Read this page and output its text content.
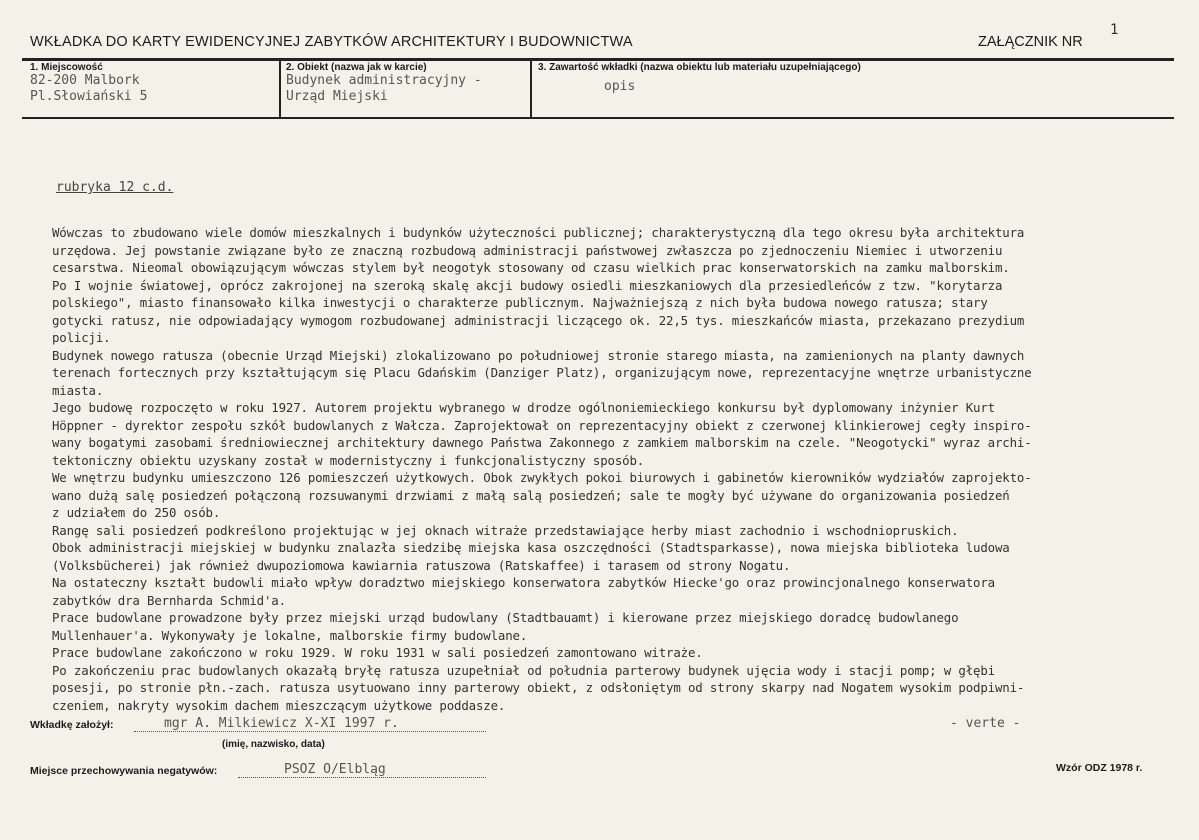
WKŁADKA DO KARTY EWIDENCYJNEJ ZABYTKÓW ARCHITEKTURY I BUDOWNICTWA	ZAŁĄCZNIK NR
1
1. Miejscowość
82-200 Malbork
Pl.Słowiański 5
2. Obiekt (nazwa jak w karcie)
Budynek administracyjny -
Urząd Miejski
3. Zawartość wkładki (nazwa obiektu lub materiału uzupełniającego)
opis
rubryka 12 c.d.

Wówczas to zbudowano wiele domów mieszkalnych i budynków użyteczności publicznej; charakterystyczną dla tego okresu była architektura

urzędowa. Jej powstanie związane było ze znaczną rozbudową administracji państwowej zwłaszcza po zjednoczeniu Niemiec i utworzeniu

cesarstwa. Nieomal obowiązującym wówczas stylem był neogotyk stosowany od czasu wielkich prac konserwatorskich na zamku malborskim.

Po I wojnie światowej, oprócz zakrojonej na szeroką skalę akcji budowy osiedli mieszkaniowych dla przesiedleńców z tzw. "korytarza

polskiego", miasto finansowało kilka inwestycji o charakterze publicznym. Najważniejszą z nich była budowa nowego ratusza; stary

gotycki ratusz, nie odpowiadający wymogom rozbudowanej administracji liczącego ok. 22,5 tys. mieszkańców miasta, przekazano prezydium

policji.

Budynek nowego ratusza (obecnie Urząd Miejski) zlokalizowano po południowej stronie starego miasta, na zamienionych na planty dawnych

terenach fortecznych przy kształtującym się Placu Gdańskim (Danziger Platz), organizującym nowe, reprezentacyjne wnętrze urbanistyczne

miasta.

Jego budowę rozpoczęto w roku 1927. Autorem projektu wybranego w drodze ogólnoniemieckiego konkursu był dyplomowany inżynier Kurt

Höppner - dyrektor zespołu szkół budowlanych z Wałcza. Zaprojektował on reprezentacyjny obiekt z czerwonej klinkierowej cegły inspiro-

wany bogatymi zasobami średniowiecznej architektury dawnego Państwa Zakonnego z zamkiem malborskim na czele. "Neogotycki" wyraz archi-

tektoniczny obiektu uzyskany został w modernistyczny i funkcjonalistyczny sposób.

We wnętrzu budynku umieszczono 126 pomieszczeń użytkowych. Obok zwykłych pokoi biurowych i gabinetów kierowników wydziałów zaprojekto-

wano dużą salę posiedzeń połączoną rozsuwanymi drzwiami z małą salą posiedzeń; sale te mogły być używane do organizowania posiedzeń

z udziałem do 250 osób.

Rangę sali posiedzeń podkreślono projektując w jej oknach witraże przedstawiające herby miast zachodnio i wschodniopruskich.

Obok administracji miejskiej w budynku znalazła siedzibę miejska kasa oszczędności (Stadtsparkasse), nowa miejska biblioteka ludowa

(Volksbücherei) jak również dwupoziomowa kawiarnia ratuszowa (Ratskaffee) i tarasem od strony Nogatu.

Na ostateczny kształt budowli miało wpływ doradztwo miejskiego konserwatora zabytków Hiecke'go oraz prowincjonalnego konserwatora

zabytków dra Bernharda Schmid'a.

Prace budowlane prowadzone były przez miejski urząd budowlany (Stadtbauamt) i kierowane przez miejskiego doradcę budowlanego

Mullenhauer'a. Wykonywały je lokalne, malborskie firmy budowlane.

Prace budowlane zakończono w roku 1929. W roku 1931 w sali posiedzeń zamontowano witraże.

Po zakończeniu prac budowlanych okazałą bryłę ratusza uzupełniał od południa parterowy budynek ujęcia wody i stacji pomp; w głębi

posesji, po stronie płn.-zach. ratusza usytuowano inny parterowy obiekt, z odsłoniętym od strony skarpy nad Nogatem wysokim podpiwni-

czeniem, nakryty wysokim dachem mieszczącym użytkowe poddasze.

Wkładkę założył:	mgr A. Milkiewicz X-XI 1997 r.
(imię, nazwisko, data)
- verte -
Miejsce przechowywania negatywów:	PSOZ O/Elbląg	Wzór ODZ 1978 r.
